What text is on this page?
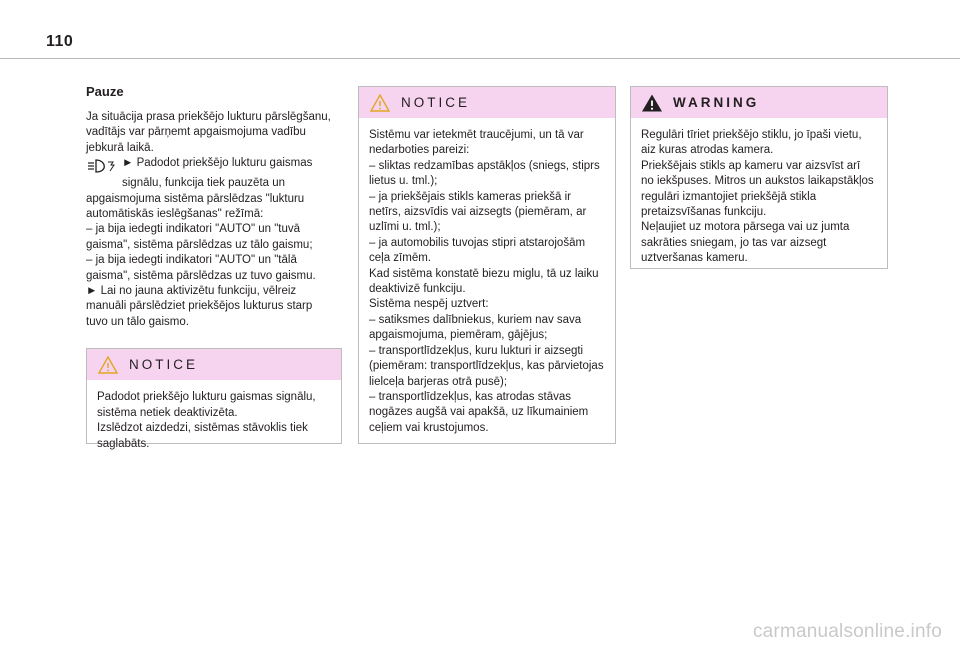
110
Pauze

Ja situācija prasa priekšējo lukturu pārslēgšanu,
vadītājs var pārņemt apgaismojuma vadību
jebkurā laikā.

► Padodot priekšējo lukturu gaismas
signālu, funkcija tiek pauzēta un

apgaismojuma sistēma pārslēdzas "lukturu
automātiskās ieslēgšanas" režīmā:
– ja bija iedegti indikatori "AUTO" un "tuvā
gaisma", sistēma pārslēdzas uz tālo gaismu;
– ja bija iedegti indikatori "AUTO" un "tālā
gaisma", sistēma pārslēdzas uz tuvo gaismu.
► Lai no jauna aktivizētu funkciju, vēlreiz
manuāli pārslēdziet priekšējos lukturus starp
tuvo un tālo gaismo.

NOTICE

Padodot priekšējo lukturu gaismas signālu,
sistēma netiek deaktivizēta.
Izslēdzot aizdedzi, sistēmas stāvoklis tiek
saglabāts.

NOTICE

Sistēmu var ietekmēt traucējumi, un tā var
nedarboties pareizi:
– sliktas redzamības apstākļos (sniegs, stiprs
lietus u. tml.);
– ja priekšējais stikls kameras priekšā ir
netīrs, aizsvīdis vai aizsegts (piemēram, ar
uzlīmi u. tml.);
– ja automobilis tuvojas stipri atstarojošām
ceļa zīmēm.
Kad sistēma konstatē biezu miglu, tā uz laiku
deaktivizē funkciju.
Sistēma nespēj uztvert:
– satiksmes dalībniekus, kuriem nav sava
apgaismojuma, piemēram, gājējus;
– transportlīdzekļus, kuru lukturi ir aizsegti
(piemēram: transportlīdzekļus, kas pārvietojas
lielceļa barjeras otrā pusē);
– transportlīdzekļus, kas atrodas stāvas
nogāzes augšā vai apakšā, uz līkumainiem
ceļiem vai krustojumos.

WARNING

Regulāri tīriet priekšējo stiklu, jo īpaši vietu,
aiz kuras atrodas kamera.
Priekšējais stikls ap kameru var aizsvīst arī
no iekšpuses. Mitros un aukstos laikapstākļos
regulāri izmantojiet priekšējā stikla
pretaizsvīšanas funkciju.
Neļaujiet uz motora pārsega vai uz jumta
sakrāties sniegam, jo tas var aizsegt
uztveršanas kameru.

carmanualsonline.info
